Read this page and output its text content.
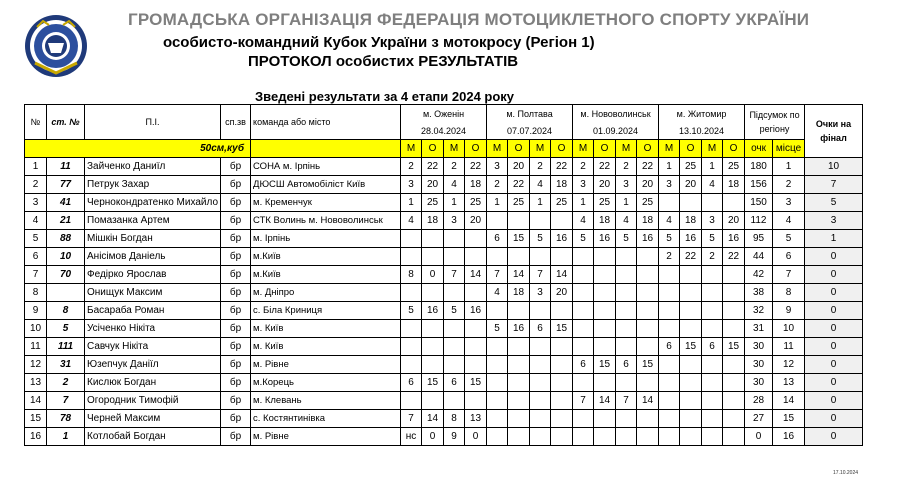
ГРОМАДСЬКА ОРГАНІЗАЦІЯ ФЕДЕРАЦІЯ МОТОЦИКЛЕТНОГО СПОРТУ УКРАЇНИ
особисто-командний Кубок України з мотокросу (Регіон 1)
ПРОТОКОЛ особистих РЕЗУЛЬТАТІВ
Зведені результати за 4 етапи 2024 року
№	ст. №	П.І.	сп.зв	команда або місто	м. Оженін				м. Полтава				м. Нововолинськ				м. Житомир				Підсумок по регіону		Очки на фінал
					28.04.2024				07.07.2024				01.09.2024				13.10.2024						
50см,куб					М	О	М	О	М	О	М	О	М	О	М	О	М	О	М	О	очк	місце	
1	11	Зайченко Даниїл	бр	СОНА м. Ірпінь	2	22	2	22	3	20	2	22	2	22	2	22	1	25	1	25	180	1	10
2	77	Петрук Захар	бр	ДЮСШ Автомобіліст Київ	3	20	4	18	2	22	4	18	3	20	3	20	3	20	4	18	156	2	7
3	41	Чернокондратенко Михайло	бр	м. Кременчук	1	25	1	25	1	25	1	25	1	25	1	25					150	3	5
4	21	Помазанка Артем	бр	СТК Волинь м. Нововолинськ	4	18	3	20					4	18	4	18	4	18	3	20	112	4	3
5	88	Мішкін Богдан	бр	м. Ірпінь					6	15	5	16	5	16	5	16	5	16	5	16	95	5	1
6	10	Анісімов Даніель	бр	м.Київ													2	22	2	22	44	6	0
7	70	Федірко Ярослав	бр	м.Київ	8	0	7	14	7	14	7	14									42	7	0
8		Онищук Максим	бр	м. Дніпро					4	18	3	20									38	8	0
9	8	Басараба Роман	бр	с. Біла Криниця	5	16	5	16													32	9	0
10	5	Усіченко Нікіта	бр	м. Київ					5	16	6	15									31	10	0
11	111	Савчук Нікіта	бр	м. Київ													6	15	6	15	30	11	0
12	31	Юзепчук Даніїл	бр	м. Рівне									6	15	6	15					30	12	0
13	2	Кислюк Богдан	бр	м.Корець	6	15	6	15													30	13	0
14	7	Огородник Тимофій	бр	м. Клевань									7	14	7	14					28	14	0
15	78	Черней Максим	бр	с. Костянтинівка	7	14	8	13													27	15	0
16	1	Котлобай Богдан	бр	м. Рівне	нс	0	9	0													0	16	0
17.10.2024
